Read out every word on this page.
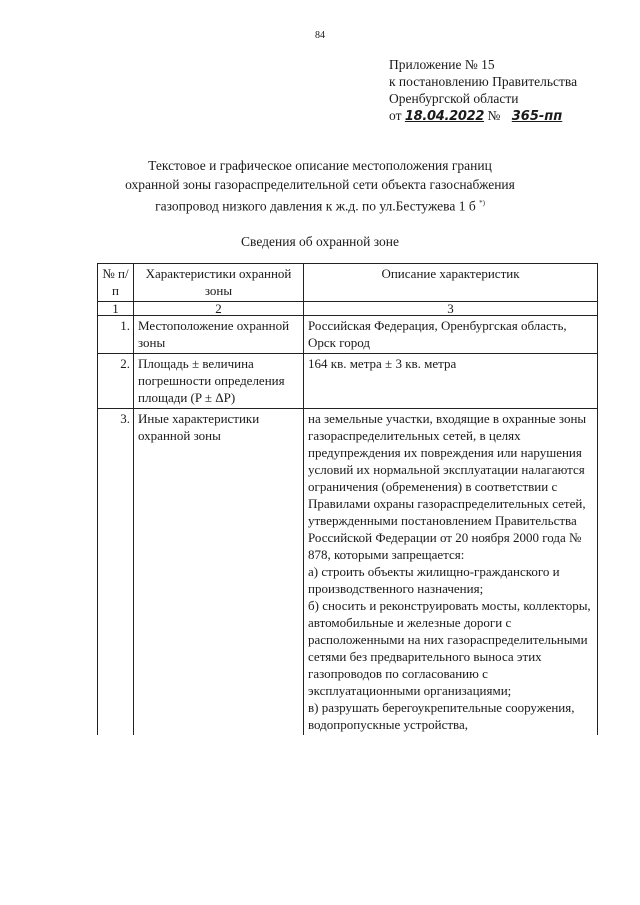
84
Приложение № 15
к постановлению Правительства
Оренбургской области
от 18.04.2022 № 365-пп
Текстовое и графическое описание местоположения границ
охранной зоны газораспределительной сети объекта газоснабжения
газопровод низкого давления к ж.д. по ул.Бестужева 1 б *)
Сведения об охранной зоне
№ п/п	Характеристики охранной зоны	Описание характеристик
1	2	3
1.	Местоположение охранной зоны	Российская Федерация, Оренбургская область, Орск город
2.	Площадь ± величина погрешности определения площади (P ± ΔP)	164 кв. метра ± 3 кв. метра
3.	Иные характеристики охранной зоны	на земельные участки, входящие в охранные зоны газораспределительных сетей, в целях предупреждения их повреждения или нарушения условий их нормальной эксплуатации налагаются ограничения (обременения) в соответствии с Правилами охраны газораспределительных сетей, утвержденными постановлением Правительства Российской Федерации от 20 ноября 2000 года № 878, которыми запрещается:
а) строить объекты жилищно-гражданского и производственного назначения;
б) сносить и реконструировать мосты, коллекторы, автомобильные и железные дороги с расположенными на них газораспределительными сетями без предварительного выноса этих газопроводов по согласованию с эксплуатационными организациями;
в) разрушать берегоукрепительные сооружения, водопропускные устройства,
